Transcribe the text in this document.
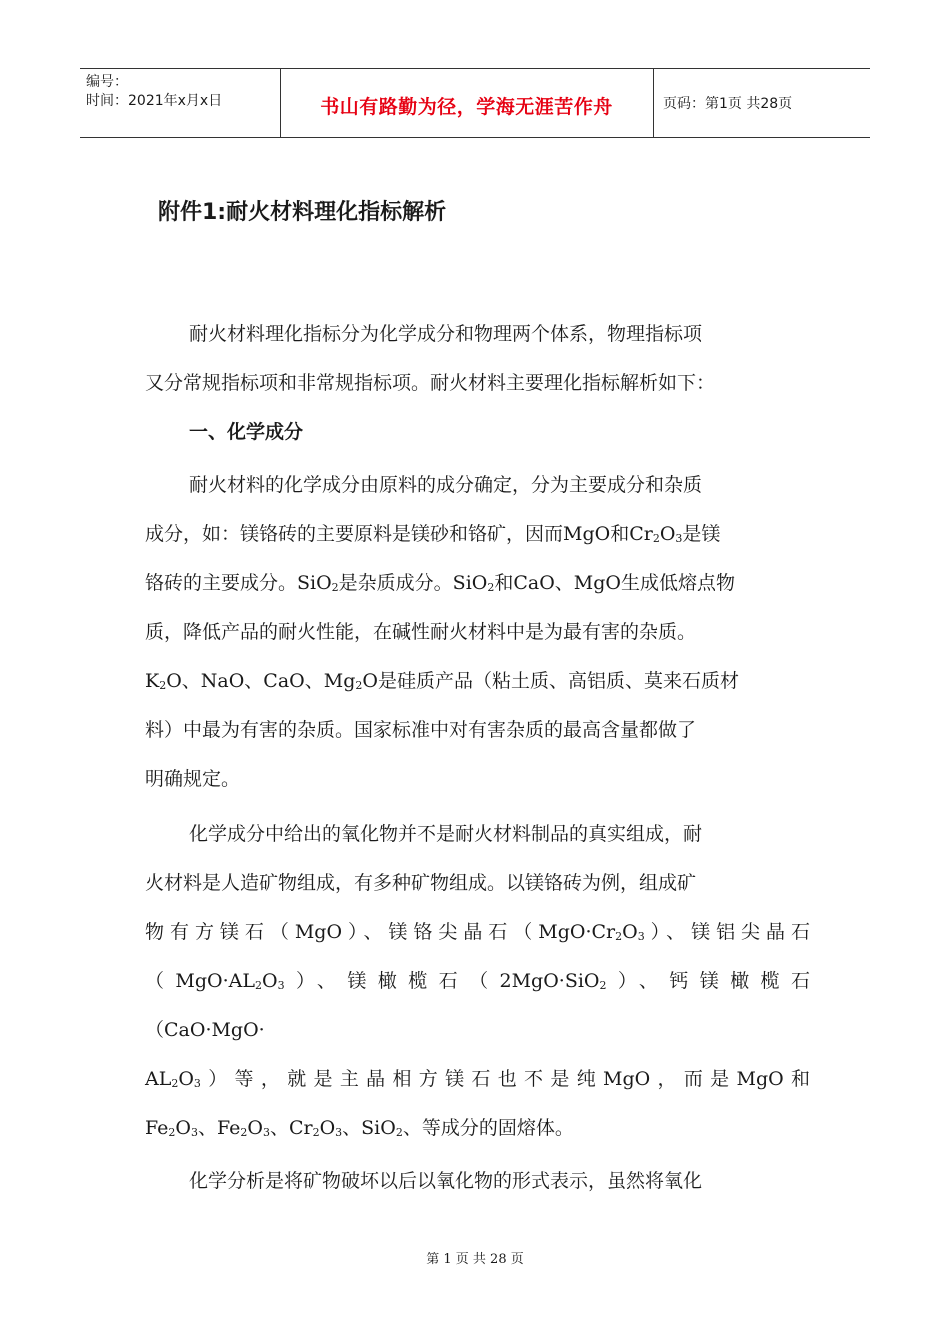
编号：
时间：2021年x月x日	书山有路勤为径，学海无涯苦作舟	页码：第1页 共28页
附件1:耐火材料理化指标解析
耐火材料理化指标分为化学成分和物理两个体系，物理指标项
又分常规指标项和非常规指标项。耐火材料主要理化指标解析如下：
一、化学成分
耐火材料的化学成分由原料的成分确定，分为主要成分和杂质
成分，如：镁铬砖的主要原料是镁砂和铬矿，因而MgO和$Cr_2O_3$是镁
铬砖的主要成分。SiO$_2$是杂质成分。SiO$_2$和CaO、MgO生成低熔点物
质，降低产品的耐火性能，在碱性耐火材料中是为最有害的杂质。
$K_2O$、NaO、CaO、$Mg_2O$是硅质产品（粘土质、高铝质、莫来石质材
料）中最为有害的杂质。国家标准中对有害杂质的最高含量都做了
明确规定。
化学成分中给出的氧化物并不是耐火材料制品的真实组成，耐
火材料是人造矿物组成，有多种矿物组成。以镁铬砖为例，组成矿
物有方镁石（MgO）、镁铬尖晶石$(MgO\cdot Cr_2O_3)$、镁铝尖晶石
$(MgO\cdot AL_2O_3)$、镁橄榄石（2MgO·SiO$_2$）、钙镁橄榄石
（CaO·MgO·
$AL_2O_3$）等，就是主晶相方镁石也不是纯MgO，而是MgO和
$Fe_2O_3$、$Fe_2O_3$、$Cr_2O_3$、SiO$_2$、等成分的固熔体。
化学分析是将矿物破坏以后以氧化物的形式表示，虽然将氧化
第 1 页 共 28 页
